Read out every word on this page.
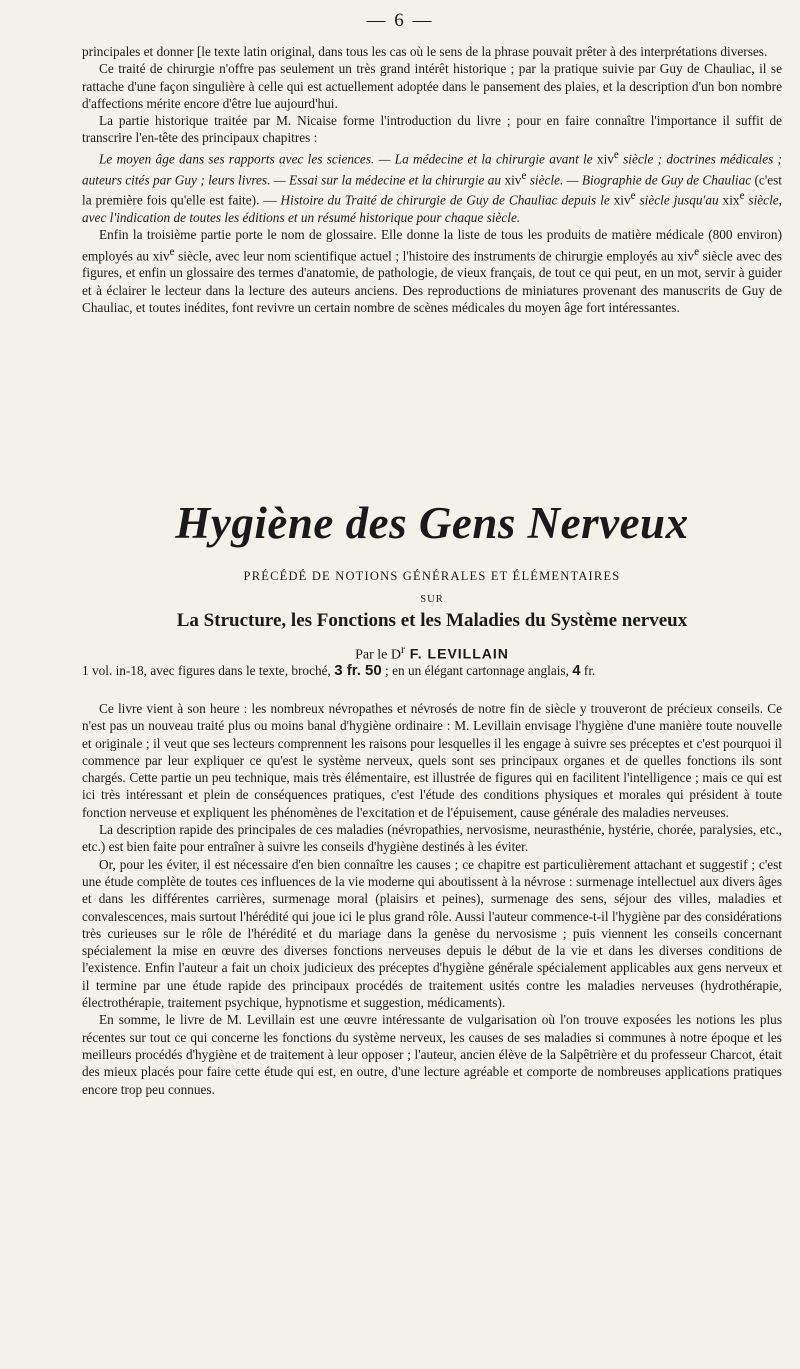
— 6 —

principales et donner [le texte latin original, dans tous les cas où le sens de la phrase pouvait prêter à des interprétations diverses.

Ce traité de chirurgie n'offre pas seulement un très grand intérêt historique ; par la pratique suivie par Guy de Chauliac, il se rattache d'une façon singulière à celle qui est actuellement adoptée dans le pansement des plaies, et la description d'un bon nombre d'affections mérite encore d'être lue aujourd'hui.

La partie historique traitée par M. Nicaise forme l'introduction du livre ; pour en faire connaître l'importance il suffit de transcrire l'en-tête des principaux chapitres :

Le moyen âge dans ses rapports avec les sciences. — La médecine et la chirurgie avant le xiv$^e$ siècle ; doctrines médicales ; auteurs cités par Guy ; leurs livres. — Essai sur la médecine et la chirurgie au xiv$^e$ siècle. — Biographie de Guy de Chauliac (c'est la première fois qu'elle est faite). — Histoire du Traité de chirurgie de Guy de Chauliac depuis le xiv$^e$ siècle jusqu'au xix$^e$ siècle, avec l'indication de toutes les éditions et un résumé historique pour chaque siècle.

Enfin la troisième partie porte le nom de glossaire. Elle donne la liste de tous les produits de matière médicale (800 environ) employés au xiv$^e$ siècle, avec leur nom scientifique actuel ; l'histoire des instruments de chirurgie employés au xiv$^e$ siècle avec des figures, et enfin un glossaire des termes d'anatomie, de pathologie, de vieux français, de tout ce qui peut, en un mot, servir à guider et à éclairer le lecteur dans la lecture des auteurs anciens. Des reproductions de miniatures provenant des manuscrits de Guy de Chauliac, et toutes inédites, font revivre un certain nombre de scènes médicales du moyen âge fort intéressantes.

Hygiène des Gens Nerveux
PRÉCÉDÉ DE NOTIONS GÉNÉRALES ET ÉLÉMENTAIRES
SUR
La Structure, les Fonctions et les Maladies du Système nerveux
Par le $D^r$ F. LEVILLAIN
1 vol. in-18, avec figures dans le texte, broché, 3 fr. 50 ; en un élégant cartonnage anglais, 4 fr.

Ce livre vient à son heure : les nombreux névropathes et névrosés de notre fin de siècle y trouveront de précieux conseils. Ce n'est pas un nouveau traité plus ou moins banal d'hygiène ordinaire : M. Levillain envisage l'hygiène d'une manière toute nouvelle et originale ; il veut que ses lecteurs comprennent les raisons pour lesquelles il les engage à suivre ses préceptes et c'est pourquoi il commence par leur expliquer ce qu'est le système nerveux, quels sont ses principaux organes et de quelles fonctions ils sont chargés. Cette partie un peu technique, mais très élémentaire, est illustrée de figures qui en facilitent l'intelligence ; mais ce qui est ici très intéressant et plein de conséquences pratiques, c'est l'étude des conditions physiques et morales qui président à toute fonction nerveuse et expliquent les phénomènes de l'excitation et de l'épuisement, cause générale des maladies nerveuses.

La description rapide des principales de ces maladies (névropathies, nervosisme, neurasthénie, hystérie, chorée, paralysies, etc., etc.) est bien faite pour entraîner à suivre les conseils d'hygiène destinés à les éviter.

Or, pour les éviter, il est nécessaire d'en bien connaître les causes ; ce chapitre est particulièrement attachant et suggestif ; c'est une étude complète de toutes ces influences de la vie moderne qui aboutissent à la névrose : surmenage intellectuel aux divers âges et dans les différentes carrières, surmenage moral (plaisirs et peines), surmenage des sens, séjour des villes, maladies et convalescences, mais surtout l'hérédité qui joue ici le plus grand rôle. Aussi l'auteur commence-t-il l'hygiène par des considérations très curieuses sur le rôle de l'hérédité et du mariage dans la genèse du nervosisme ; puis viennent les conseils concernant spécialement la mise en œuvre des diverses fonctions nerveuses depuis le début de la vie et dans les diverses conditions de l'existence. Enfin l'auteur a fait un choix judicieux des préceptes d'hygiène générale spécialement applicables aux gens nerveux et il termine par une étude rapide des principaux procédés de traitement usités contre les maladies nerveuses (hydrothérapie, électrothérapie, traitement psychique, hypnotisme et suggestion, médicaments).

En somme, le livre de M. Levillain est une œuvre intéressante de vulgarisation où l'on trouve exposées les notions les plus récentes sur tout ce qui concerne les fonctions du système nerveux, les causes de ses maladies si communes à notre époque et les meilleurs procédés d'hygiène et de traitement à leur opposer ; l'auteur, ancien élève de la Salpêtrière et du professeur Charcot, était des mieux placés pour faire cette étude qui est, en outre, d'une lecture agréable et comporte de nombreuses applications pratiques encore trop peu connues.
